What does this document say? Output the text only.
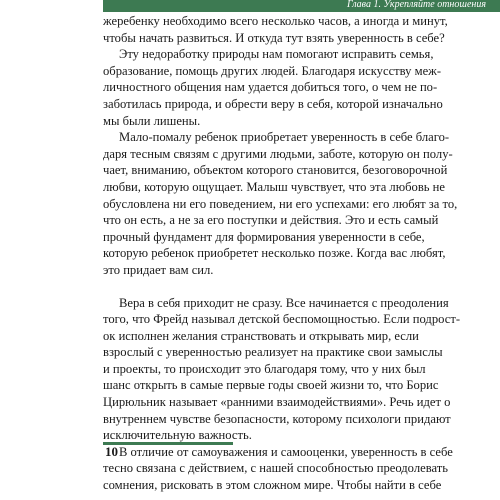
Глава 1. Укрепляйте отношения

жеребенку необходимо всего несколько часов, а иногда и минут,
чтобы начать развиться. И откуда тут взять уверенность в себе?

Эту недоработку природы нам помогают исправить семья,
образование, помощь других людей. Благодаря искусству меж-
личностного общения нам удается добиться того, о чем не по-
заботилась природа, и обрести веру в себя, которой изначально
мы были лишены.

Мало-помалу ребенок приобретает уверенность в себе благо-
даря тесным связям с другими людьми, заботе, которую он полу-
чает, вниманию, объектом которого становится, безоговорочной
любви, которую ощущает. Малыш чувствует, что эта любовь не
обусловлена ни его поведением, ни его успехами: его любят за то,
что он есть, а не за его поступки и действия. Это и есть самый
прочный фундамент для формирования уверенности в себе,
которую ребенок приобретет несколько позже. Когда вас любят,
это придает вам сил.

Вера в себя приходит не сразу. Все начинается с преодоления
того, что Фрейд называл детской беспомощностью. Если подрост-
ок исполнен желания странствовать и открывать мир, если
взрослый с уверенностью реализует на практике свои замыслы
и проекты, то происходит это благодаря тому, что у них был
шанс открыть в самые первые годы своей жизни то, что Борис
Цирюльник называет «ранними взаимодействиями». Речь идет о
внутреннем чувстве безопасности, которому психологи придают
исключительную важность.

В отличие от самоуважения и самооценки, уверенность в себе
тесно связана с действием, с нашей способностью преодолевать
сомнения, рисковать в этом сложном мире. Чтобы найти в себе

10
